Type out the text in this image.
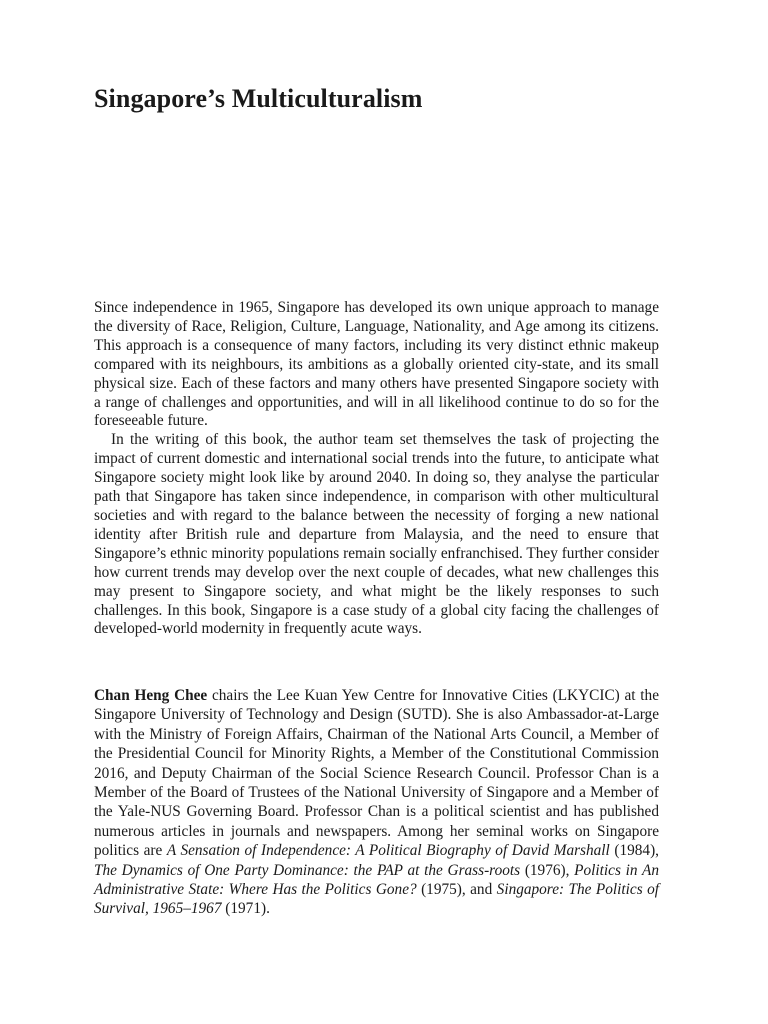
Singapore’s Multiculturalism

Since independence in 1965, Singapore has developed its own unique approach to manage the diversity of Race, Religion, Culture, Language, Nationality, and Age among its citizens. This approach is a consequence of many factors, including its very distinct ethnic makeup compared with its neighbours, its ambitions as a globally oriented city-state, and its small physical size. Each of these factors and many others have presented Singapore society with a range of challenges and opportunities, and will in all likelihood continue to do so for the foreseeable future.

In the writing of this book, the author team set themselves the task of projecting the impact of current domestic and international social trends into the future, to anticipate what Singapore society might look like by around 2040. In doing so, they analyse the particular path that Singapore has taken since independence, in comparison with other multicultural societies and with regard to the balance between the necessity of forging a new national identity after British rule and departure from Malaysia, and the need to ensure that Singapore’s ethnic minority populations remain socially enfranchised. They further consider how current trends may develop over the next couple of decades, what new challenges this may present to Singapore society, and what might be the likely responses to such challenges. In this book, Singapore is a case study of a global city facing the challenges of developed-world modernity in frequently acute ways.

Chan Heng Chee chairs the Lee Kuan Yew Centre for Innovative Cities (LKYCIC) at the Singapore University of Technology and Design (SUTD). She is also Ambassador-at-Large with the Ministry of Foreign Affairs, Chairman of the National Arts Council, a Member of the Presidential Council for Minority Rights, a Member of the Constitutional Commission 2016, and Deputy Chairman of the Social Science Research Council. Professor Chan is a Member of the Board of Trustees of the National University of Singapore and a Member of the Yale-NUS Governing Board. Professor Chan is a political scientist and has published numerous articles in journals and newspapers. Among her seminal works on Singapore politics are A Sensation of Independence: A Political Biography of David Marshall (1984), The Dynamics of One Party Dominance: the PAP at the Grass-roots (1976), Politics in An Administrative State: Where Has the Politics Gone? (1975), and Singapore: The Politics of Survival, 1965–1967 (1971).
